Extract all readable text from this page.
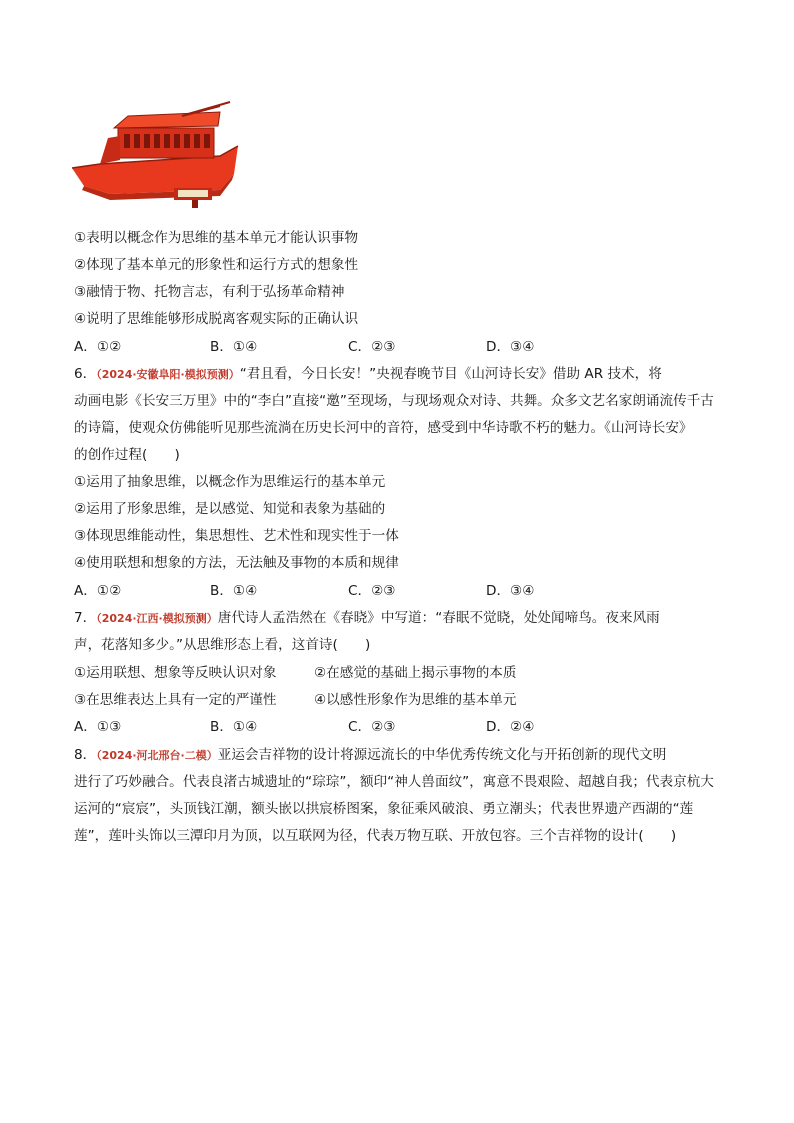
①表明以概念作为思维的基本单元才能认识事物
②体现了基本单元的形象性和运行方式的想象性
③融情于物、托物言志，有利于弘扬革命精神
④说明了思维能够形成脱离客观实际的正确认识
A．①②	B．①④	C．②③	D．③④
6．（2024·安徽阜阳·模拟预测）“君且看，今日长安！”央视春晚节目《山河诗长安》借助 AR 技术，将
动画电影《长安三万里》中的“李白”直接“邀”至现场，与现场观众对诗、共舞。众多文艺名家朗诵流传千古
的诗篇，使观众仿佛能听见那些流淌在历史长河中的音符，感受到中华诗歌不朽的魅力。《山河诗长安》
的创作过程(　　)
①运用了抽象思维，以概念作为思维运行的基本单元
②运用了形象思维，是以感觉、知觉和表象为基础的
③体现思维能动性，集思想性、艺术性和现实性于一体
④使用联想和想象的方法，无法触及事物的本质和规律
A．①②	B．①④	C．②③	D．③④
7．（2024·江西·模拟预测）唐代诗人孟浩然在《春晓》中写道：“春眠不觉晓，处处闻啼鸟。夜来风雨
声，花落知多少。”从思维形态上看，这首诗(　　)
①运用联想、想象等反映认识对象	②在感觉的基础上揭示事物的本质
③在思维表达上具有一定的严谨性	④以感性形象作为思维的基本单元
A．①③	B．①④	C．②③	D．②④
8．（2024·河北邢台·二模）亚运会吉祥物的设计将源远流长的中华优秀传统文化与开拓创新的现代文明
进行了巧妙融合。代表良渚古城遗址的“琮琮”，额印“神人兽面纹”，寓意不畏艰险、超越自我；代表京杭大
运河的“宸宸”，头顶钱江潮，额头嵌以拱宸桥图案，象征乘风破浪、勇立潮头；代表世界遗产西湖的“莲
莲”，莲叶头饰以三潭印月为顶，以互联网为径，代表万物互联、开放包容。三个吉祥物的设计(　　)
